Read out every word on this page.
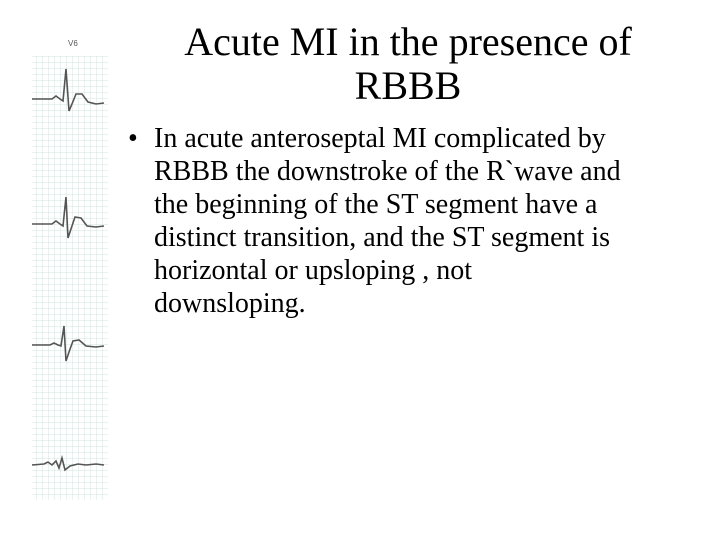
V6	Acute MI in the presence of
RBBB
• In acute anteroseptal MI complicated by
RBBB the downstroke of the R`wave and
the beginning of the ST segment have a
distinct transition, and the ST segment is
horizontal or upsloping , not
downsloping.
